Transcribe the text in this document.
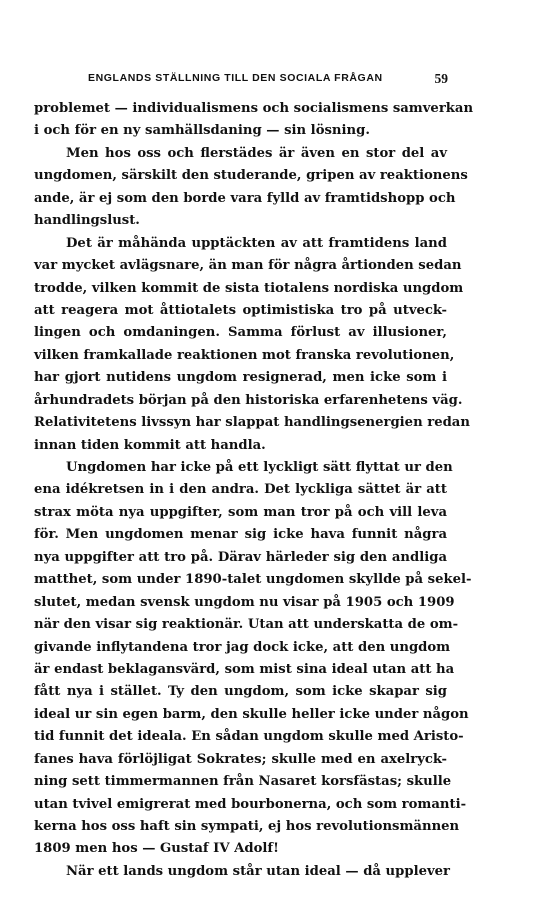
ENGLANDS STÄLLNING TILL DEN SOCIALA FRÅGAN	59
problemet — individualismens och socialismens samverkan
i och för en ny samhällsdaning — sin lösning.
Men hos oss och flerstädes är även en stor del av
ungdomen, särskilt den studerande, gripen av reaktionens
ande, är ej som den borde vara fylld av framtidshopp och
handlingslust.
Det är måhända upptäckten av att framtidens land
var mycket avlägsnare, än man för några årtionden sedan
trodde, vilken kommit de sista tiotalens nordiska ungdom
att reagera mot åttiotalets optimistiska tro på utveck-
lingen och omdaningen. Samma förlust av illusioner,
vilken framkallade reaktionen mot franska revolutionen,
har gjort nutidens ungdom resignerad, men icke som i
århundradets början på den historiska erfarenhetens väg.
Relativitetens livssyn har slappat handlingsenergien redan
innan tiden kommit att handla.
Ungdomen har icke på ett lyckligt sätt flyttat ur den
ena idékretsen in i den andra. Det lyckliga sättet är att
strax möta nya uppgifter, som man tror på och vill leva
för. Men ungdomen menar sig icke hava funnit några
nya uppgifter att tro på. Därav härleder sig den andliga
matthet, som under 1890-talet ungdomen skyllde på sekel-
slutet, medan svensk ungdom nu visar på 1905 och 1909
när den visar sig reaktionär. Utan att underskatta de om-
givande inflytandena tror jag dock icke, att den ungdom
är endast beklagansvärd, som mist sina ideal utan att ha
fått nya i stället. Ty den ungdom, som icke skapar sig
ideal ur sin egen barm, den skulle heller icke under någon
tid funnit det ideala. En sådan ungdom skulle med Aristo-
fanes hava förlöjligat Sokrates; skulle med en axelryck-
ning sett timmermannen från Nasaret korsfästas; skulle
utan tvivel emigrerat med bourbonerna, och som romanti-
kerna hos oss haft sin sympati, ej hos revolutionsmännen
1809 men hos — Gustaf IV Adolf!
När ett lands ungdom står utan ideal — då upplever
